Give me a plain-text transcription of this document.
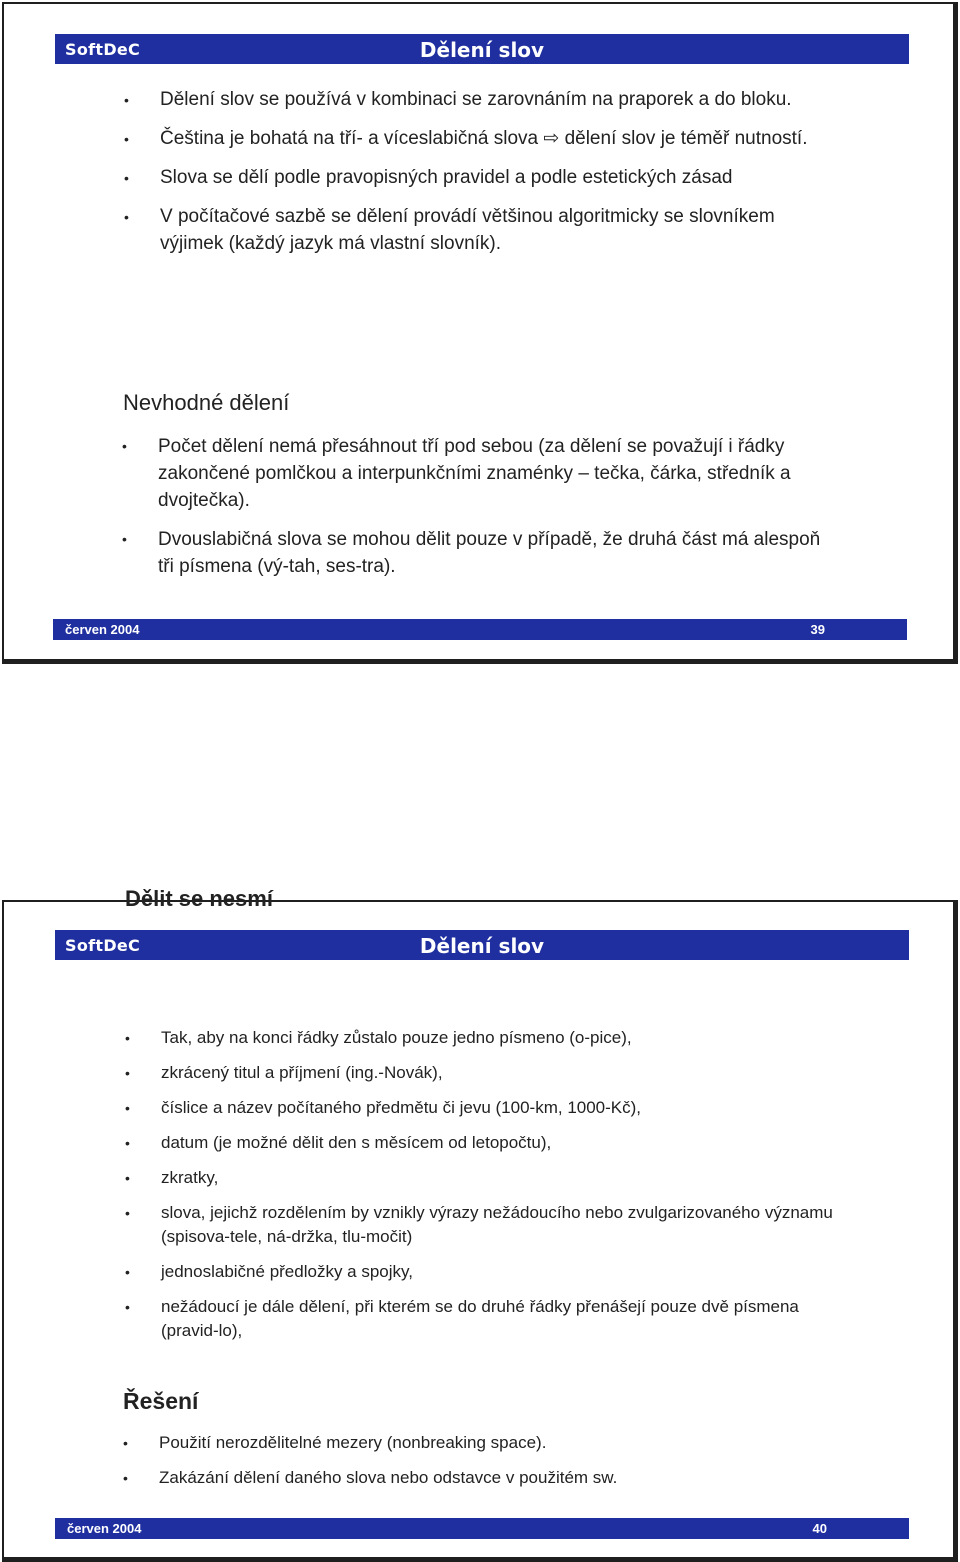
SoftDeC	Dělení slov
• Dělení slov se používá v kombinaci se zarovnáním na praporek a do bloku.
• Čeština je bohatá na tří- a víceslabičná slova ⇨ dělení slov je téměř nutností.
• Slova se dělí podle pravopisných pravidel a podle estetických zásad
• V počítačové sazbě se dělení provádí většinou algoritmicky se slovníkem výjimek (každý jazyk má vlastní slovník).
Nevhodné dělení
• Počet dělení nemá přesáhnout tří pod sebou (za dělení se považují i řádky zakončené pomlčkou a interpunkčními znaménky – tečka, čárka, středník a dvojtečka).
• Dvouslabičná slova se mohou dělit pouze v případě, že druhá část má alespoň tři písmena (vý-tah, ses-tra).
červen 2004	39
SoftDeC	Dělení slov
červen 2004	40
Dělit se nesmí
• Tak, aby na konci řádky zůstalo pouze jedno písmeno (o-pice),
• zkrácený titul a příjmení (ing.-Novák),
• číslice a název počítaného předmětu či jevu (100-km, 1000-Kč),
• datum (je možné dělit den s měsícem od letopočtu),
• zkratky,
• slova, jejichž rozdělením by vznikly výrazy nežádoucího nebo zvulgarizovaného významu (spisova-tele, ná-držka, tlu-močit)
• jednoslabičné předložky a spojky,
• nežádoucí je dále dělení, při kterém se do druhé řádky přenášejí pouze dvě písmena (pravid-lo),
Řešení
• Použití nerozdělitelné mezery (nonbreaking space).
• Zakázání dělení daného slova nebo odstavce v použitém sw.
